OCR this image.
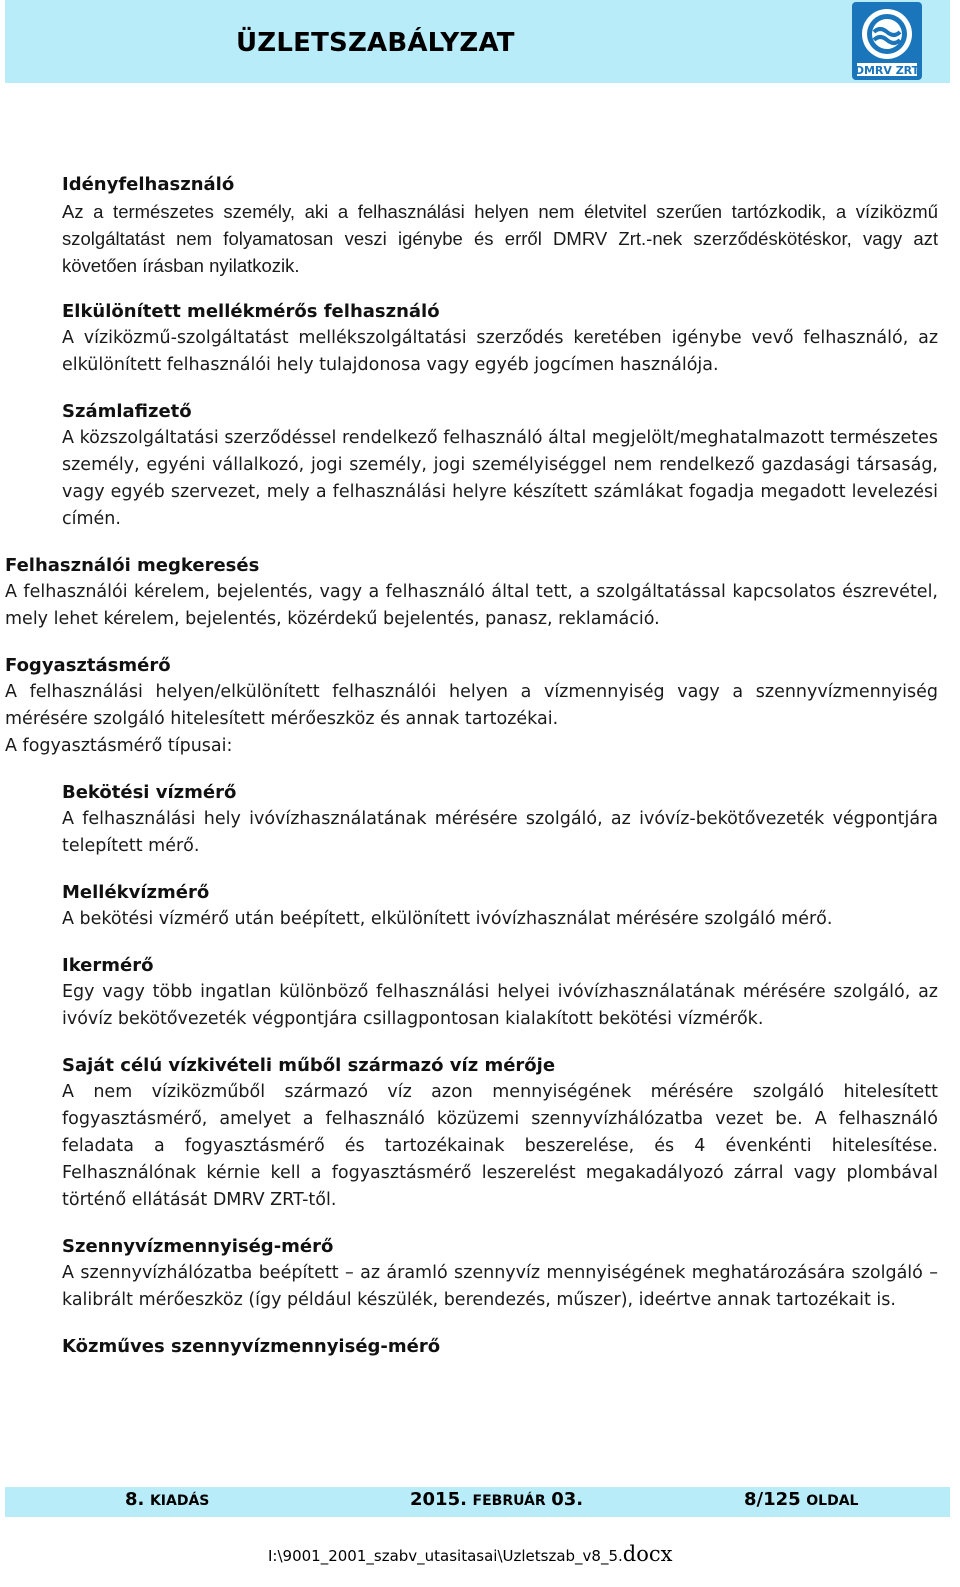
ÜZLETSZABÁLYZAT
DMRV ZRT
Idényfelhasználó
Az a természetes személy, aki a felhasználási helyen nem életvitel szerűen tartózkodik, a víziközmű szolgáltatást nem folyamatosan veszi igénybe és erről DMRV Zrt.-nek szerződéskötéskor, vagy azt követően írásban nyilatkozik.
Elkülönített mellékmérős felhasználó
A víziközmű-szolgáltatást mellékszolgáltatási szerződés keretében igénybe vevő felhasználó, az elkülönített felhasználói hely tulajdonosa vagy egyéb jogcímen használója.
Számlafizető
A közszolgáltatási szerződéssel rendelkező felhasználó által megjelölt/meghatalmazott természetes személy, egyéni vállalkozó, jogi személy, jogi személyiséggel nem rendelkező gazdasági társaság, vagy egyéb szervezet, mely a felhasználási helyre készített számlákat fogadja megadott levelezési címén.
Felhasználói megkeresés
A felhasználói kérelem, bejelentés, vagy a felhasználó által tett, a szolgáltatással kapcsolatos észrevétel, mely lehet kérelem, bejelentés, közérdekű bejelentés, panasz, reklamáció.
Fogyasztásmérő
A felhasználási helyen/elkülönített felhasználói helyen a vízmennyiség vagy a szennyvízmennyiség mérésére szolgáló hitelesített mérőeszköz és annak tartozékai.
A fogyasztásmérő típusai:
Bekötési vízmérő
A felhasználási hely ivóvízhasználatának mérésére szolgáló, az ivóvíz-bekötővezeték végpontjára telepített mérő.
Mellékvízmérő
A bekötési vízmérő után beépített, elkülönített ivóvízhasználat mérésére szolgáló mérő.
Ikermérő
Egy vagy több ingatlan különböző felhasználási helyei ivóvízhasználatának mérésére szolgáló, az ivóvíz bekötővezeték végpontjára csillagpontosan kialakított bekötési vízmérők.
Saját célú vízkivételi műből származó víz mérője
A nem víziközműből származó víz azon mennyiségének mérésére szolgáló hitelesített fogyasztásmérő, amelyet a felhasználó közüzemi szennyvízhálózatba vezet be. A felhasználó feladata a fogyasztásmérő és tartozékainak beszerelése, és 4 évenkénti hitelesítése. Felhasználónak kérnie kell a fogyasztásmérő leszerelést megakadályozó zárral vagy plombával történő ellátását DMRV ZRT-től.
Szennyvízmennyiség-mérő
A szennyvízhálózatba beépített – az áramló szennyvíz mennyiségének meghatározására szolgáló – kalibrált mérőeszköz (így például készülék, berendezés, műszer), ideértve annak tartozékait is.
Közműves szennyvízmennyiség-mérő
8. KIADÁS	2015. FEBRUÁR 03.	8/125 OLDAL
I:\9001_2001_szabv_utasitasai\Uzletszab_v8_5.docx
